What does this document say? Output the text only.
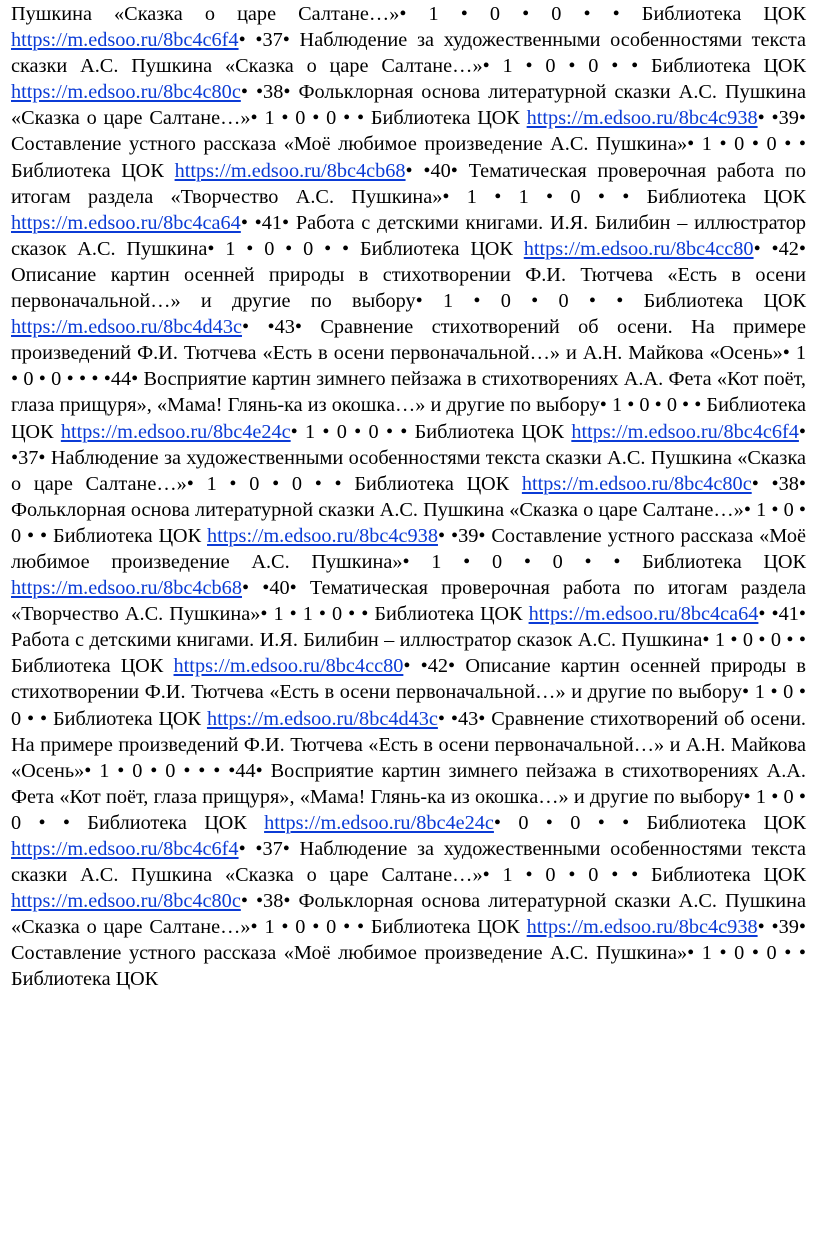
Пушкина «Сказка о царе Салтане…»• 1 • 0 • 0 • • Библиотека ЦОК https://m.edsoo.ru/8bc4c6f4• •37• Наблюдение за художественными особенностями текста сказки А.С. Пушкина «Сказка о царе Салтане…»• 1 • 0 • 0 • • Библиотека ЦОК https://m.edsoo.ru/8bc4c80c• •38• Фольклорная основа литературной сказки А.С. Пушкина «Сказка о царе Салтане…»• 1 • 0 • 0 • • Библиотека ЦОК https://m.edsoo.ru/8bc4c938• •39• Составление устного рассказа «Моё любимое произведение А.С. Пушкина»• 1 • 0 • 0 • • Библиотека ЦОК https://m.edsoo.ru/8bc4cb68• •40• Тематическая проверочная работа по итогам раздела «Творчество А.С. Пушкина»• 1 • 1 • 0 • • Библиотека ЦОК https://m.edsoo.ru/8bc4ca64• •41• Работа с детскими книгами. И.Я. Билибин – иллюстратор сказок А.С. Пушкина• 1 • 0 • 0 • • Библиотека ЦОК https://m.edsoo.ru/8bc4cc80• •42• Описание картин осенней природы в стихотворении Ф.И. Тютчева «Есть в осени первоначальной…» и другие по выбору• 1 • 0 • 0 • • Библиотека ЦОК https://m.edsoo.ru/8bc4d43c• •43• Сравнение стихотворений об осени. На примере произведений Ф.И. Тютчева «Есть в осени первоначальной…» и А.Н. Майкова «Осень»• 1 • 0 • 0 • • • •44• Восприятие картин зимнего пейзажа в стихотворениях А.А. Фета «Кот поёт, глаза прищуря», «Мама! Глянь-ка из окошка…» и другие по выбору• 1 • 0 • 0 • • Библиотека ЦОК https://m.edsoo.ru/8bc4e24c• 1 • 0 • 0 • • Библиотека ЦОК https://m.edsoo.ru/8bc4c6f4• •37• Наблюдение за художественными особенностями текста сказки А.С. Пушкина «Сказка о царе Салтане…»• 1 • 0 • 0 • • Библиотека ЦОК https://m.edsoo.ru/8bc4c80c• •38• Фольклорная основа литературной сказки А.С. Пушкина «Сказка о царе Салтане…»• 1 • 0 • 0 • • Библиотека ЦОК https://m.edsoo.ru/8bc4c938• •39• Составление устного рассказа «Моё любимое произведение А.С. Пушкина»• 1 • 0 • 0 • • Библиотека ЦОК https://m.edsoo.ru/8bc4cb68• •40• Тематическая проверочная работа по итогам раздела «Творчество А.С. Пушкина»• 1 • 1 • 0 • • Библиотека ЦОК https://m.edsoo.ru/8bc4ca64• •41• Работа с детскими книгами. И.Я. Билибин – иллюстратор сказок А.С. Пушкина• 1 • 0 • 0 • • Библиотека ЦОК https://m.edsoo.ru/8bc4cc80• •42• Описание картин осенней природы в стихотворении Ф.И. Тютчева «Есть в осени первоначальной…» и другие по выбору• 1 • 0 • 0 • • Библиотека ЦОК https://m.edsoo.ru/8bc4d43c• •43• Сравнение стихотворений об осени. На примере произведений Ф.И. Тютчева «Есть в осени первоначальной…» и А.Н. Майкова «Осень»• 1 • 0 • 0 • • • •44• Восприятие картин зимнего пейзажа в стихотворениях А.А. Фета «Кот поёт, глаза прищуря», «Мама! Глянь-ка из окошка…» и другие по выбору• 1 • 0 • 0 • • Библиотека ЦОК https://m.edsoo.ru/8bc4e24c• 0 • 0 • • Библиотека ЦОК https://m.edsoo.ru/8bc4c6f4• •37• Наблюдение за художественными особенностями текста сказки А.С. Пушкина «Сказка о царе Салтане…»• 1 • 0 • 0 • • Библиотека ЦОК https://m.edsoo.ru/8bc4c80c• •38• Фольклорная основа литературной сказки А.С. Пушкина «Сказка о царе Салтане…»• 1 • 0 • 0 • • Библиотека ЦОК https://m.edsoo.ru/8bc4c938• •39• Составление устного рассказа «Моё любимое произведение А.С. Пушкина»• 1 • 0 • 0 • • Библиотека ЦОК
